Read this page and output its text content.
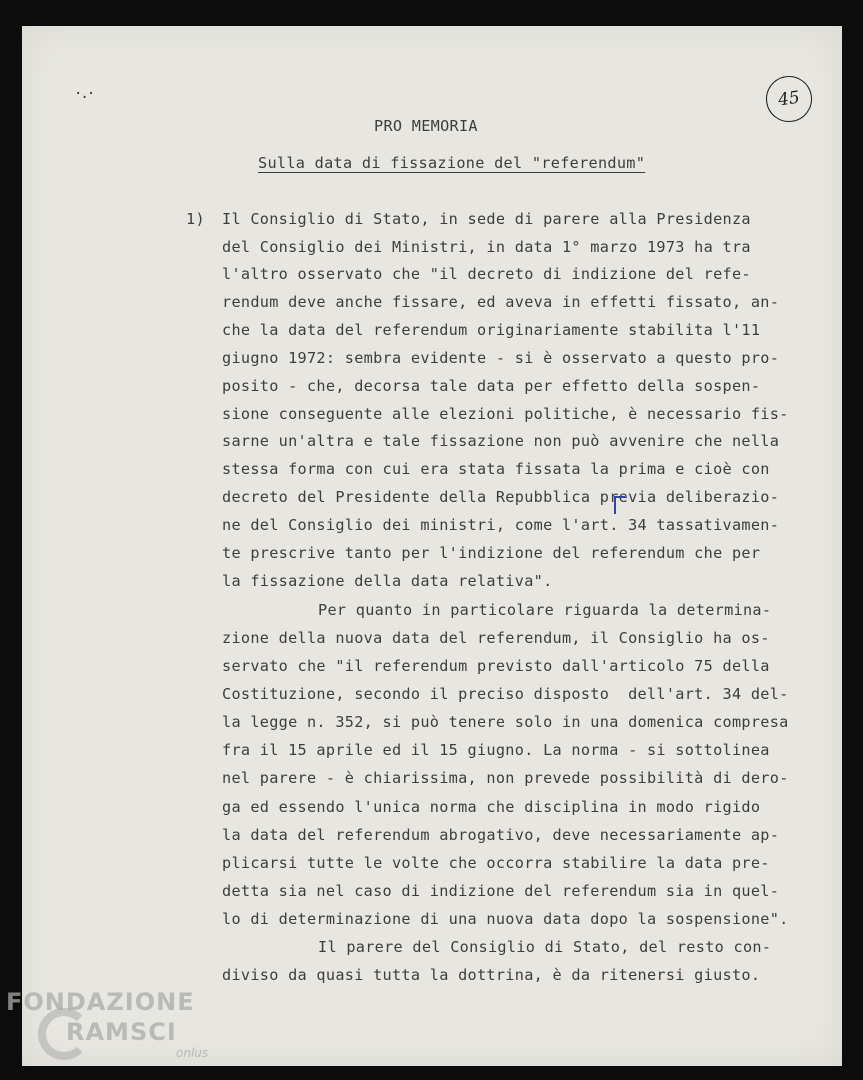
·.·	45
PRO MEMORIA
Sulla data di fissazione del "referendum"
1) Il Consiglio di Stato, in sede di parere alla Presidenza
del Consiglio dei Ministri, in data 1° marzo 1973 ha tra
l'altro osservato che "il decreto di indizione del refe-
rendum deve anche fissare, ed aveva in effetti fissato, an-
che la data del referendum originariamente stabilita l'11
giugno 1972: sembra evidente - si è osservato a questo pro-
posito - che, decorsa tale data per effetto della sospen-
sione conseguente alle elezioni politiche, è necessario fis-
sarne un'altra e tale fissazione non può avvenire che nella
stessa forma con cui era stata fissata la prima e cioè con
decreto del Presidente della Repubblica previa deliberazio-
ne del Consiglio dei ministri, come l'art. 34 tassativamen-
te prescrive tanto per l'indizione del referendum che per
la fissazione della data relativa".
Per quanto in particolare riguarda la determina-
zione della nuova data del referendum, il Consiglio ha os-
servato che "il referendum previsto dall'articolo 75 della
Costituzione, secondo il preciso disposto  dell'art. 34 del-
la legge n. 352, si può tenere solo in una domenica compresa
fra il 15 aprile ed il 15 giugno. La norma - si sottolinea
nel parere - è chiarissima, non prevede possibilità di dero-
ga ed essendo l'unica norma che disciplina in modo rigido
la data del referendum abrogativo, deve necessariamente ap-
plicarsi tutte le volte che occorra stabilire la data pre-
detta sia nel caso di indizione del referendum sia in quel-
lo di determinazione di una nuova data dopo la sospensione".
Il parere del Consiglio di Stato, del resto con-
diviso da quasi tutta la dottrina, è da ritenersi giusto.
FONDAZIONE
RAMSCI
onlus
